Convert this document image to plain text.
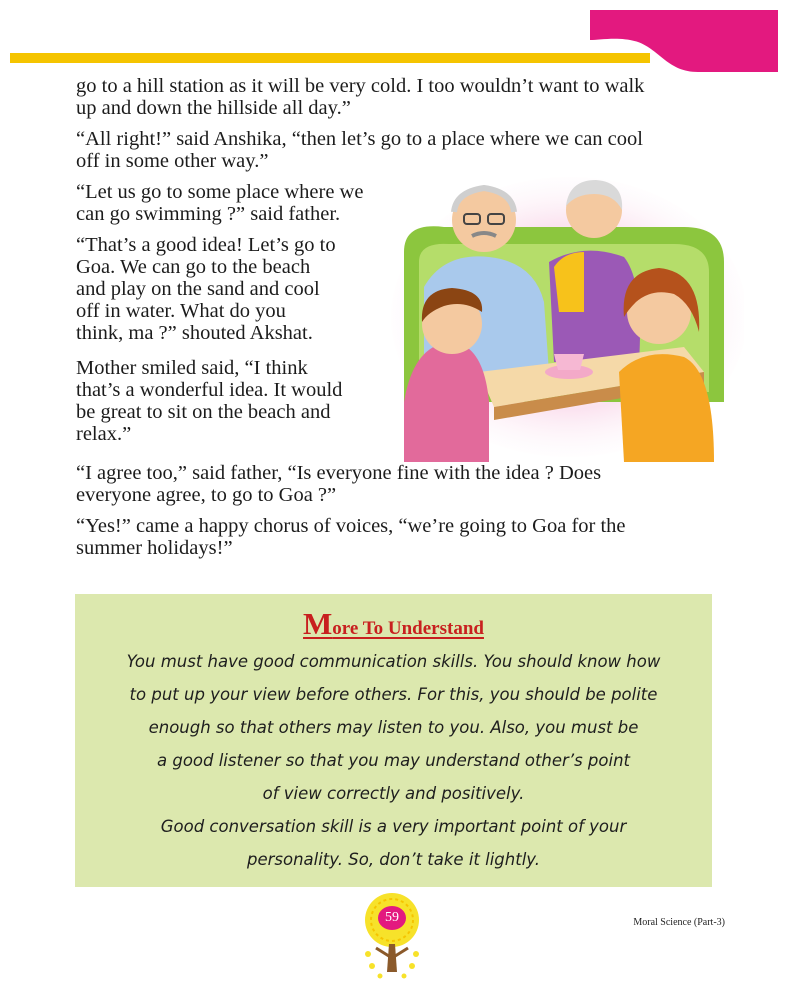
go to a hill station as it will be very cold. I too wouldn’t want to walk
up and down the hillside all day.”
“All right!” said Anshika, “then let’s go to a place where we can cool
off in some other way.”
“Let us go to some place where we
can go swimming ?” said father.
“That’s a good idea! Let’s go to
Goa. We can go to the beach
and play on the sand and cool
off in water. What do you
think, ma ?” shouted Akshat.
Mother smiled said, “I think
that’s a wonderful idea. It would
be great to sit on the beach and
relax.”
“I agree too,” said father, “Is everyone fine with the idea ? Does
everyone agree, to go to Goa ?”
“Yes!” came a happy chorus of voices, “we’re going to Goa for the
summer holidays!”
More To Understand
You must have good communication skills. You should know how
to put up your view before others. For this, you should be polite
enough so that others may listen to you. Also, you must be
a good listener so that you may understand other’s point
of view correctly and positively.
Good conversation skill is a very important point of your
personality. So, don’t take it lightly.
59	Moral Science (Part-3)
